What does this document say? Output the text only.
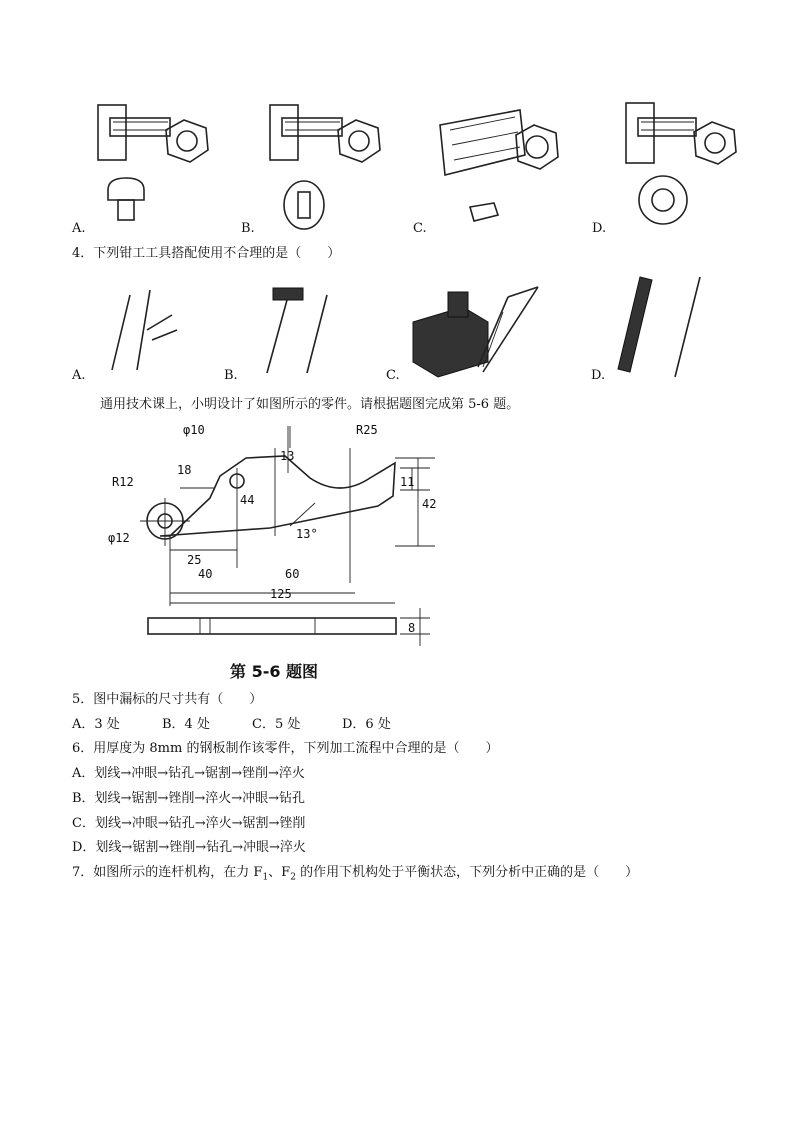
A.	B.	C.	D.
4．下列钳工工具搭配使用不合理的是（　　）
A.	B.	C.	D.
通用技术课上，小明设计了如图所示的零件。请根据题图完成第 5-6 题。
φ10	R25
13
R12
18
44
11
42
φ12	13°
25
40	60
125
8
第 5-6 题图
5．图中漏标的尺寸共有（　　）
A．3 处	B．4 处	C．5 处	D．6 处
6．用厚度为 8mm 的钢板制作该零件，下列加工流程中合理的是（　　）
A．划线→冲眼→钻孔→锯割→锉削→淬火
B．划线→锯割→锉削→淬火→冲眼→钻孔
C．划线→冲眼→钻孔→淬火→锯割→锉削
D．划线→锯割→锉削→钻孔→冲眼→淬火
7．如图所示的连杆机构，在力 $F_1$、$F_2$ 的作用下机构处于平衡状态，下列分析中正确的是（　　）
